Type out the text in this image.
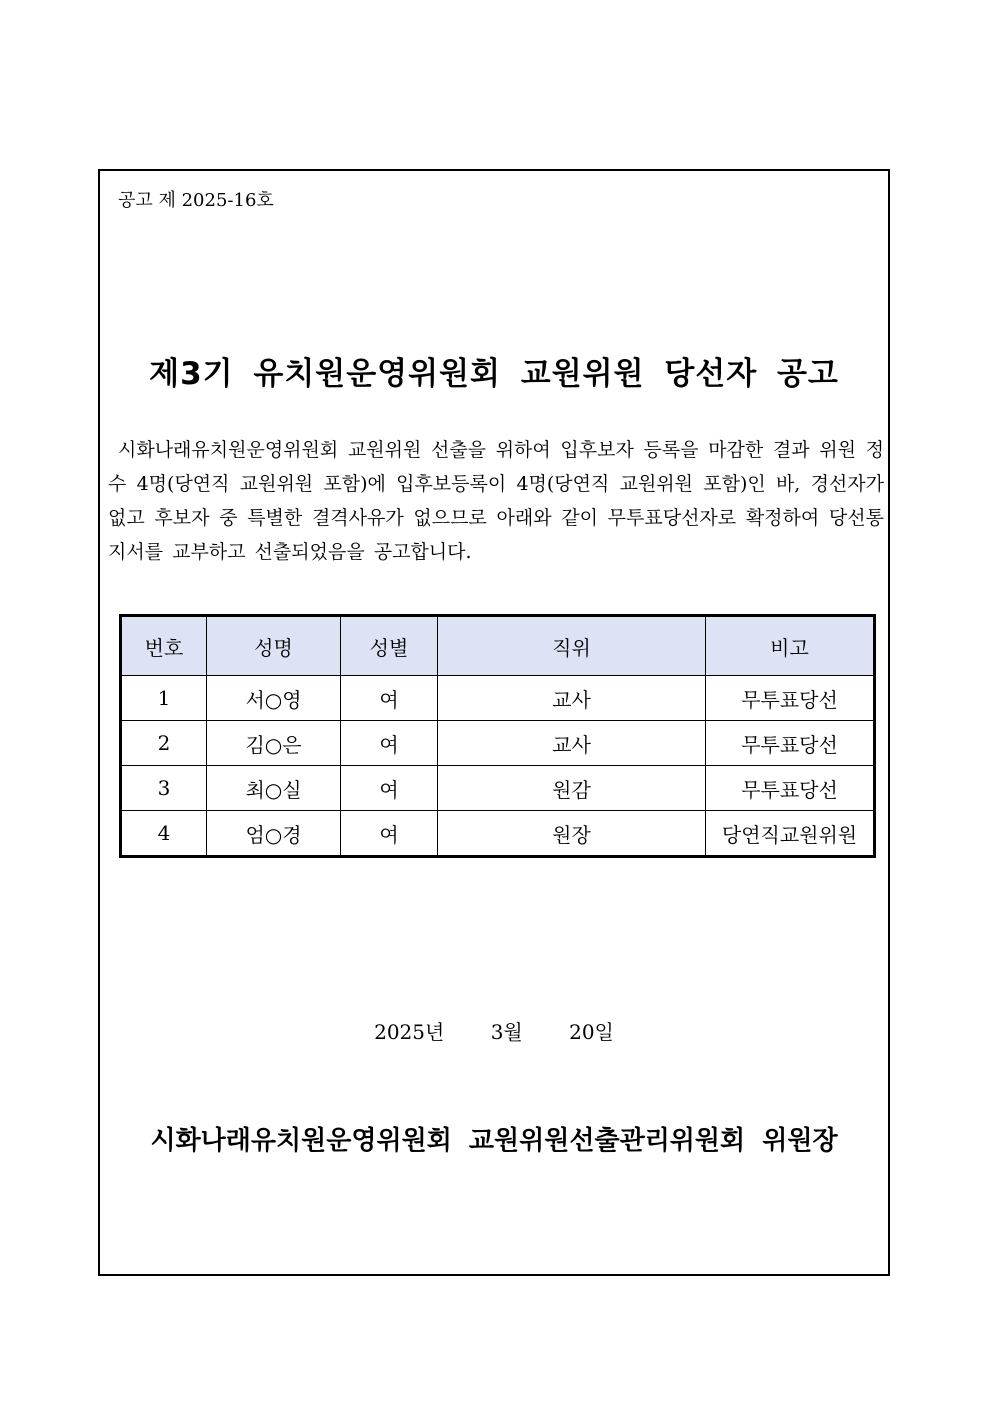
공고 제 2025-16호
제3기 유치원운영위원회 교원위원 당선자 공고
시화나래유치원운영위원회 교원위원 선출을 위하여 입후보자 등록을 마감한 결과 위원 정수 4명(당연직 교원위원 포함)에 입후보등록이 4명(당연직 교원위원 포함)인 바, 경선자가 없고 후보자 중 특별한 결격사유가 없으므로 아래와 같이 무투표당선자로 확정하여 당선통지서를 교부하고 선출되었음을 공고합니다.
번호	성명	성별	직위	비고
1	서○영	여	교사	무투표당선
2	김○은	여	교사	무투표당선
3	최○실	여	원감	무투표당선
4	엄○경	여	원장	당연직교원위원
2025년 3월 20일
시화나래유치원운영위원회 교원위원선출관리위원회 위원장
